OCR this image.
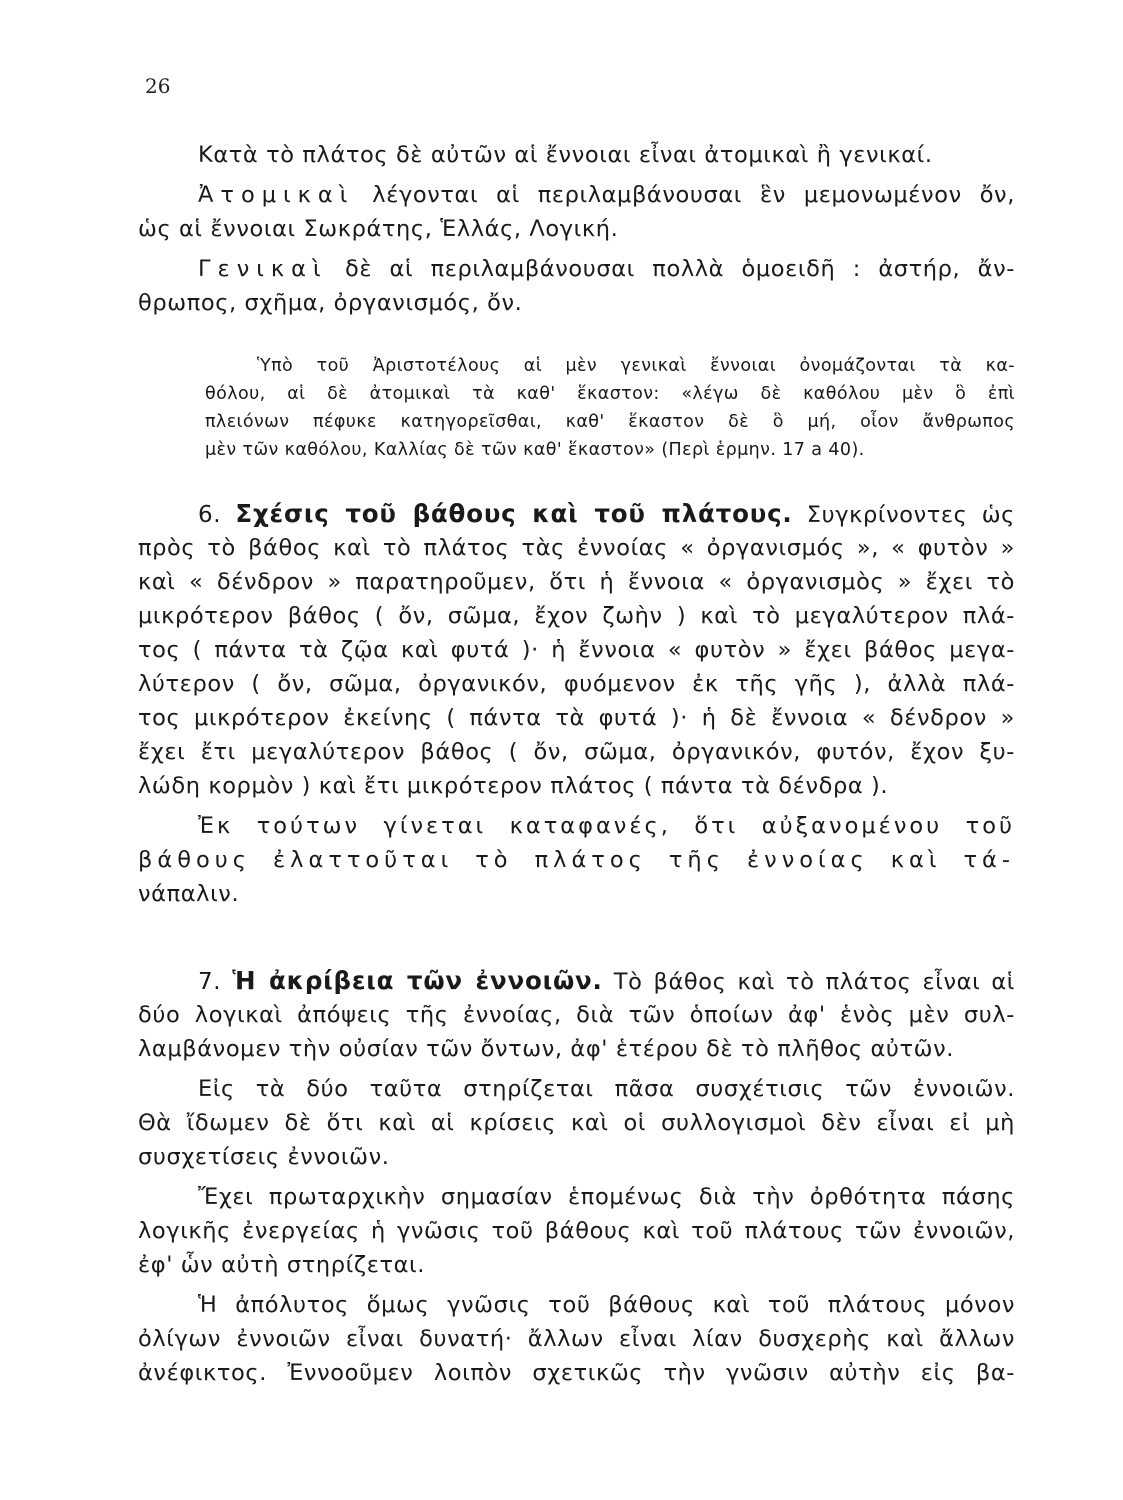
26
Κατὰ τὸ πλάτος δὲ αὐτῶν αἱ ἔννοιαι εἶναι ἀτομικαὶ ἢ γενικαί.
Ἀτομικαὶ λέγονται αἱ περιλαμβάνουσαι ἓν μεμονωμένον ὄν,
ὡς αἱ ἔννοιαι Σωκράτης, Ἑλλάς, Λογική.
Γενικαὶ δὲ αἱ περιλαμβάνουσαι πολλὰ ὁμοειδῆ : ἀστήρ, ἄν-
θρωπος, σχῆμα, ὀργανισμός, ὄν.
Ὑπὸ τοῦ Ἀριστοτέλους αἱ μὲν γενικαὶ ἔννοιαι ὀνομάζονται τὰ κα-
θόλου, αἱ δὲ ἀτομικαὶ τὰ καθ' ἕκαστον: «λέγω δὲ καθόλου μὲν ὃ ἐπὶ
πλειόνων πέφυκε κατηγορεῖσθαι, καθ' ἕκαστον δὲ ὃ μή, οἷον ἄνθρωπος
μὲν τῶν καθόλου, Καλλίας δὲ τῶν καθ' ἕκαστον» (Περὶ ἑρμην. 17 a 40).
6. Σχέσις τοῦ βάθους καὶ τοῦ πλάτους. Συγκρίνοντες ὡς
πρὸς τὸ βάθος καὶ τὸ πλάτος τὰς ἐννοίας « ὀργανισμός », « φυτὸν »
καὶ « δένδρον » παρατηροῦμεν, ὅτι ἡ ἔννοια « ὀργανισμὸς » ἔχει τὸ
μικρότερον βάθος ( ὄν, σῶμα, ἔχον ζωὴν ) καὶ τὸ μεγαλύτερον πλά-
τος ( πάντα τὰ ζῷα καὶ φυτά )· ἡ ἔννοια « φυτὸν » ἔχει βάθος μεγα-
λύτερον ( ὄν, σῶμα, ὀργανικόν, φυόμενον ἐκ τῆς γῆς ), ἀλλὰ πλά-
τος μικρότερον ἐκείνης ( πάντα τὰ φυτά )· ἡ δὲ ἔννοια « δένδρον »
ἔχει ἔτι μεγαλύτερον βάθος ( ὄν, σῶμα, ὀργανικόν, φυτόν, ἔχον ξυ-
λώδη κορμὸν ) καὶ ἔτι μικρότερον πλάτος ( πάντα τὰ δένδρα ).
Ἐκ τούτων γίνεται καταφανές, ὅτι αὐξανομένου τοῦ
βάθους ἐλαττοῦται τὸ πλάτος τῆς ἐννοίας καὶ τά-
νάπαλιν.
7. Ἡ ἀκρίβεια τῶν ἐννοιῶν. Τὸ βάθος καὶ τὸ πλάτος εἶναι αἱ
δύο λογικαὶ ἀπόψεις τῆς ἐννοίας, διὰ τῶν ὁποίων ἀφ' ἑνὸς μὲν συλ-
λαμβάνομεν τὴν οὐσίαν τῶν ὄντων, ἀφ' ἑτέρου δὲ τὸ πλῆθος αὐτῶν.
Εἰς τὰ δύο ταῦτα στηρίζεται πᾶσα συσχέτισις τῶν ἐννοιῶν.
Θὰ ἴδωμεν δὲ ὅτι καὶ αἱ κρίσεις καὶ οἱ συλλογισμοὶ δὲν εἶναι εἰ μὴ
συσχετίσεις ἐννοιῶν.
Ἔχει πρωταρχικὴν σημασίαν ἑπομένως διὰ τὴν ὀρθότητα πάσης
λογικῆς ἐνεργείας ἡ γνῶσις τοῦ βάθους καὶ τοῦ πλάτους τῶν ἐννοιῶν,
ἐφ' ὧν αὐτὴ στηρίζεται.
Ἡ ἀπόλυτος ὅμως γνῶσις τοῦ βάθους καὶ τοῦ πλάτους μόνον
ὀλίγων ἐννοιῶν εἶναι δυνατή· ἄλλων εἶναι λίαν δυσχερὴς καὶ ἄλλων
ἀνέφικτος. Ἐννοοῦμεν λοιπὸν σχετικῶς τὴν γνῶσιν αὐτὴν εἰς βα-
